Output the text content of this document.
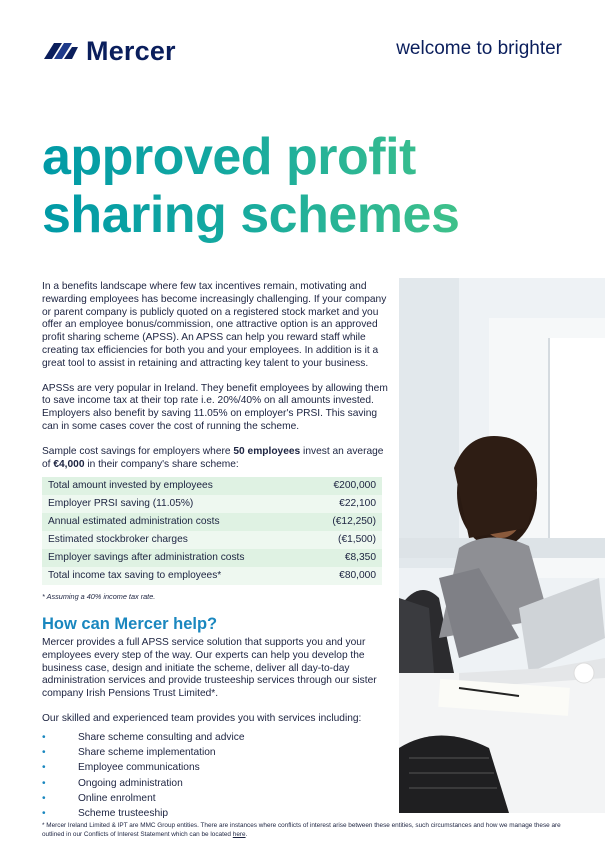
Mercer	welcome to brighter
approved profit
sharing schemes

In a benefits landscape where few tax incentives remain, motivating and rewarding employees has become increasingly challenging. If your company or parent company is publicly quoted on a registered stock market and you offer an employee bonus/commission, one attractive option is an approved profit sharing scheme (APSS). An APSS can help you reward staff while creating tax efficiencies for both you and your employees. In addition is it a great tool to assist in retaining and attracting key talent to your business.

APSSs are very popular in Ireland. They benefit employees by allowing them to save income tax at their top rate i.e. 20%/40% on all amounts invested. Employers also benefit by saving 11.05% on employer's PRSI. This saving can in some cases cover the cost of running the scheme.

Sample cost savings for employers where 50 employees invest an average of €4,000 in their company's share scheme:

Total amount invested by employees	€200,000
Employer PRSI saving (11.05%)	€22,100
Annual estimated administration costs	(€12,250)
Estimated stockbroker charges	(€1,500)
Employer savings after administration costs	€8,350
Total income tax saving to employees*	€80,000

* Assuming a 40% income tax rate.

How can Mercer help?

Mercer provides a full APSS service solution that supports you and your employees every step of the way. Our experts can help you develop the business case, design and initiate the scheme, deliver all day-to-day administration services and provide trusteeship services through our sister company Irish Pensions Trust Limited*.

Our skilled and experienced team provides you with services including:

•	Share scheme consulting and advice
•	Share scheme implementation
•	Employee communications
•	Ongoing administration
•	Online enrolment
•	Scheme trusteeship
* Mercer Ireland Limited & IPT are MMC Group entities. There are instances where conflicts of interest arise between these entities, such circumstances and how we manage these are outlined in our Conflicts of Interest Statement which can be located here.
